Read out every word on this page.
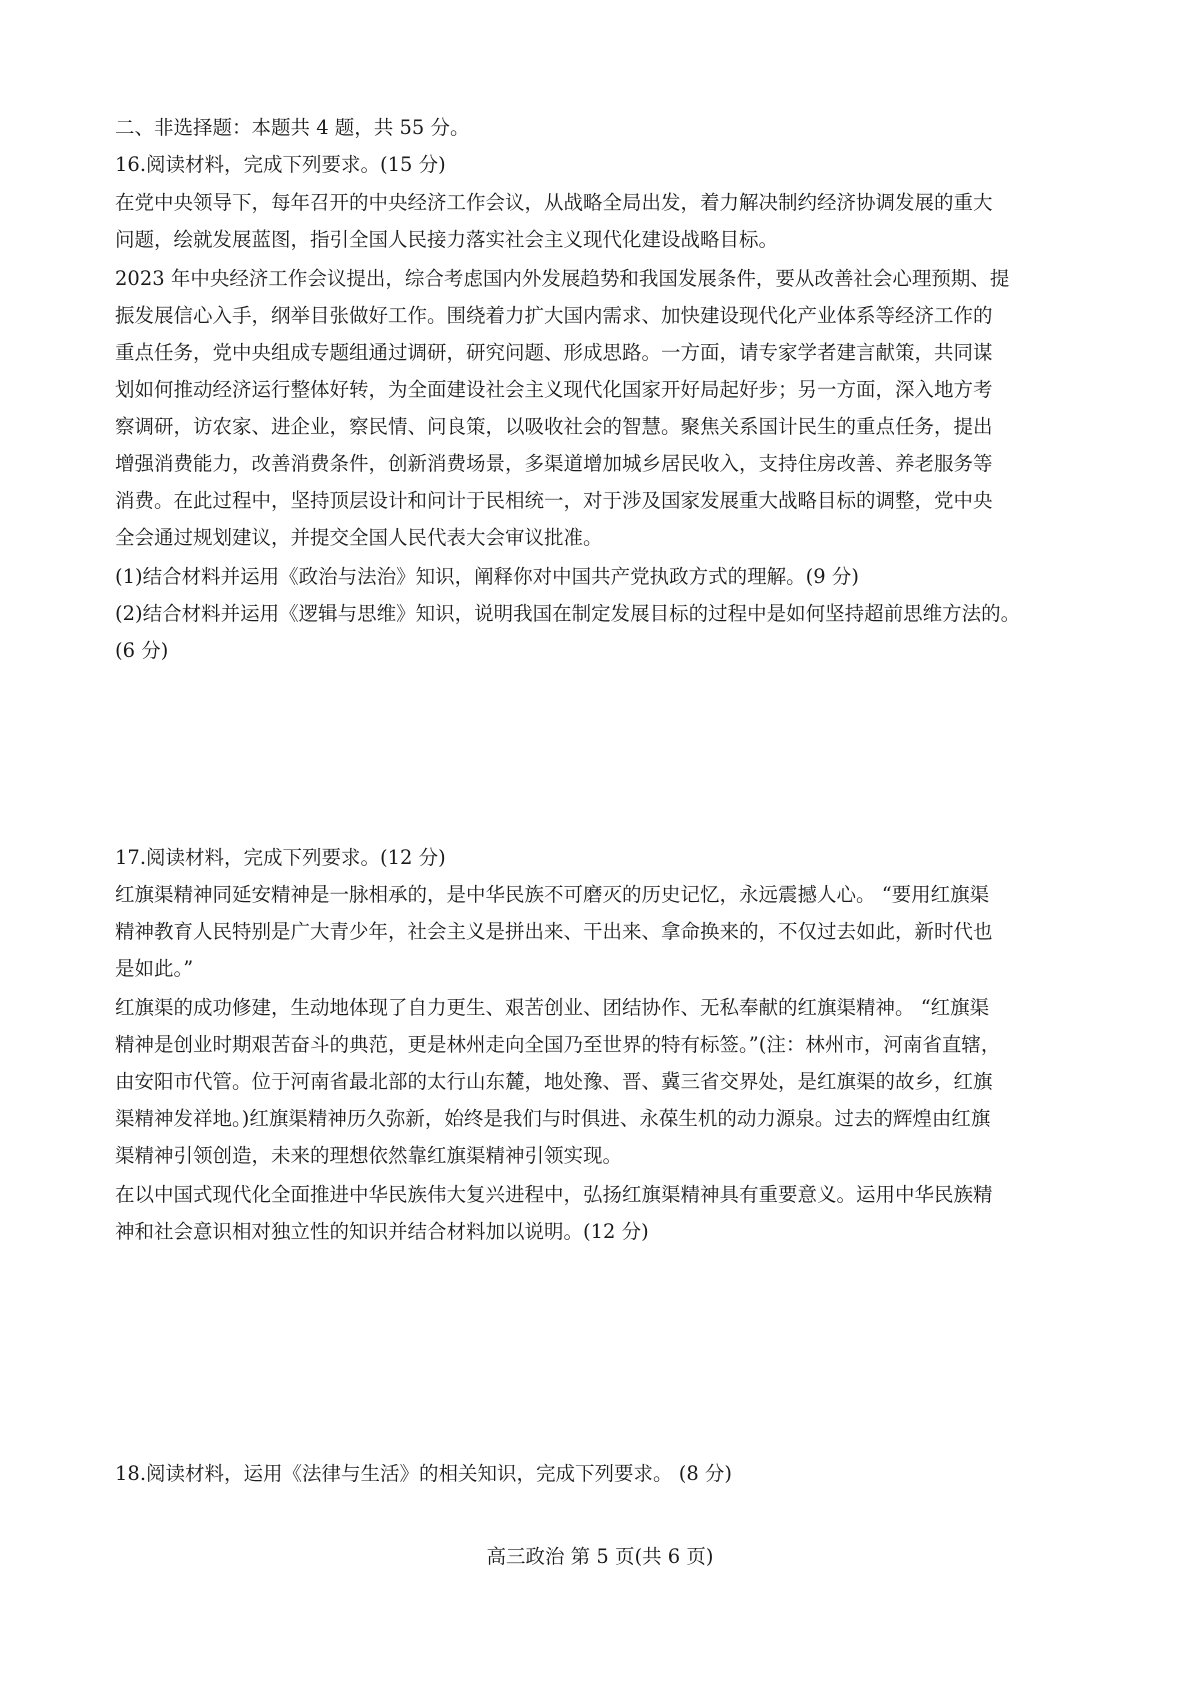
二、非选择题：本题共 4 题，共 55 分。
16.阅读材料，完成下列要求。(15 分)
在党中央领导下，每年召开的中央经济工作会议，从战略全局出发，着力解决制约经济协调发展的重大
问题，绘就发展蓝图，指引全国人民接力落实社会主义现代化建设战略目标。
2023 年中央经济工作会议提出，综合考虑国内外发展趋势和我国发展条件，要从改善社会心理预期、提
振发展信心入手，纲举目张做好工作。围绕着力扩大国内需求、加快建设现代化产业体系等经济工作的
重点任务，党中央组成专题组通过调研，研究问题、形成思路。一方面，请专家学者建言献策，共同谋
划如何推动经济运行整体好转，为全面建设社会主义现代化国家开好局起好步；另一方面，深入地方考
察调研，访农家、进企业，察民情、问良策，以吸收社会的智慧。聚焦关系国计民生的重点任务，提出
增强消费能力，改善消费条件，创新消费场景，多渠道增加城乡居民收入，支持住房改善、养老服务等
消费。在此过程中，坚持顶层设计和问计于民相统一，对于涉及国家发展重大战略目标的调整，党中央
全会通过规划建议，并提交全国人民代表大会审议批准。
(1)结合材料并运用《政治与法治》知识，阐释你对中国共产党执政方式的理解。(9 分)
(2)结合材料并运用《逻辑与思维》知识，说明我国在制定发展目标的过程中是如何坚持超前思维方法的。
(6 分)
17.阅读材料，完成下列要求。(12 分)
红旗渠精神同延安精神是一脉相承的，是中华民族不可磨灭的历史记忆，永远震撼人心。 “要用红旗渠
精神教育人民特别是广大青少年，社会主义是拼出来、干出来、拿命换来的，不仅过去如此，新时代也
是如此。”
红旗渠的成功修建，生动地体现了自力更生、艰苦创业、团结协作、无私奉献的红旗渠精神。 “红旗渠
精神是创业时期艰苦奋斗的典范，更是林州走向全国乃至世界的特有标签。”(注：林州市，河南省直辖，
由安阳市代管。位于河南省最北部的太行山东麓，地处豫、晋、冀三省交界处，是红旗渠的故乡，红旗
渠精神发祥地。)红旗渠精神历久弥新，始终是我们与时俱进、永葆生机的动力源泉。过去的辉煌由红旗
渠精神引领创造，未来的理想依然靠红旗渠精神引领实现。
在以中国式现代化全面推进中华民族伟大复兴进程中，弘扬红旗渠精神具有重要意义。运用中华民族精
神和社会意识相对独立性的知识并结合材料加以说明。(12 分)
18.阅读材料，运用《法律与生活》的相关知识，完成下列要求。 (8 分)
高三政治 第 5 页(共 6 页)
